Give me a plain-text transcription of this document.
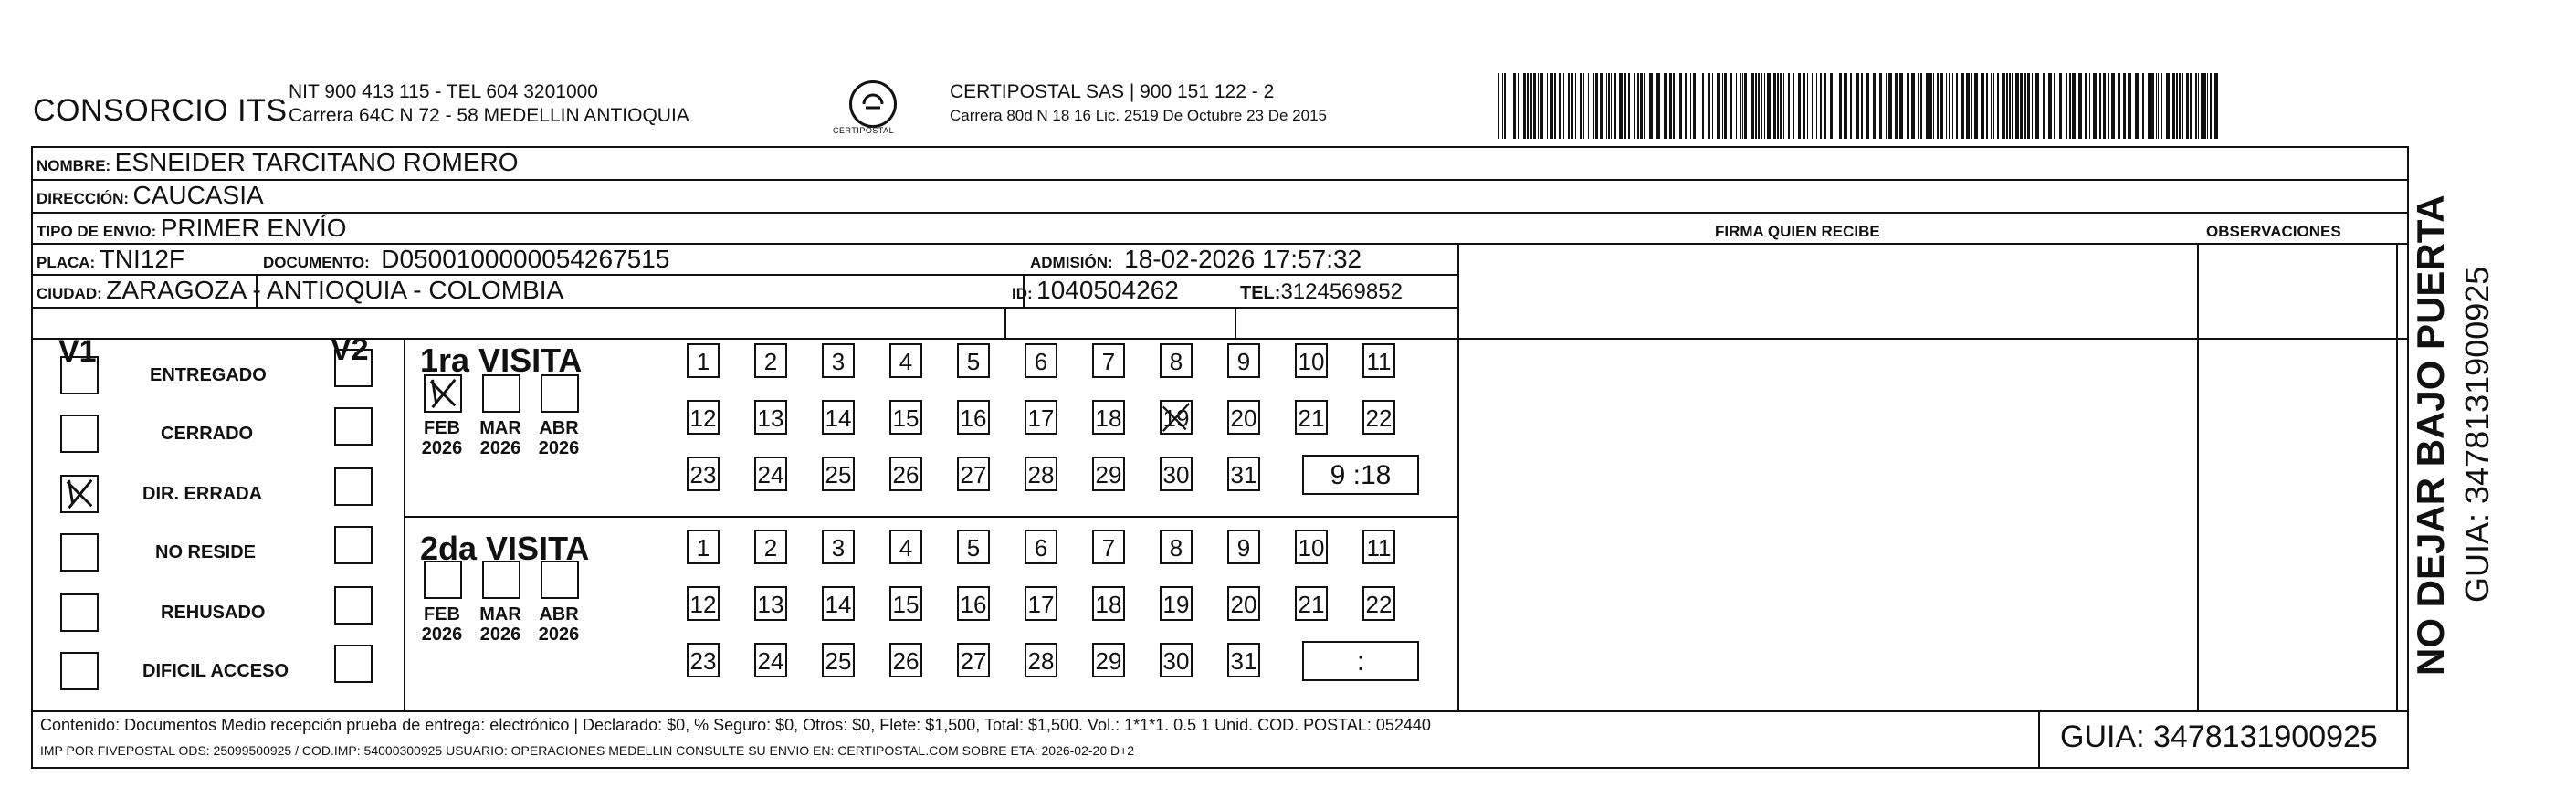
CONSORCIO ITS
NIT 900 413 115 - TEL 604 3201000
Carrera 64C N 72 - 58 MEDELLIN ANTIOQUIA
CERTIPOSTAL
CERTIPOSTAL SAS | 900 151 122 - 2
Carrera 80d N 18 16 Lic. 2519 De Octubre 23 De 2015
NOMBRE: ESNEIDER TARCITANO ROMERO
DIRECCIÓN: CAUCASIA
TIPO DE ENVIO: PRIMER ENVÍO	FIRMA QUIEN RECIBE	OBSERVACIONES
PLACA: TNI12F	DOCUMENTO: D0500100000054267515	ADMISIÓN: 18-02-2026 17:57:32
CIUDAD: ZARAGOZA - ANTIOQUIA - COLOMBIA	ID: 1040504262	TEL:3124569852
V1	V2
ENTREGADO
CERRADO
DIR. ERRADA
NO RESIDE
REHUSADO
DIFICIL ACCESO
1ra VISITA
2da VISITA
FEB
2026
MAR
2026
ABR
2026
1	2	3	4	5	6	7	8	9	10 11
12 13 14 15 16 17 18 19 20 21 22
23 24 25 26 27 28 29 30 31	9 :18
FEB
2026
MAR
2026
ABR
2026
1	2	3	4	5	6	7	8	9	10 11
12 13 14 15 16 17 18 19 20 21 22
23 24 25 26 27 28 29 30 31	:
Contenido: Documentos Medio recepción prueba de entrega: electrónico | Declarado: $0, % Seguro: $0, Otros: $0, Flete: $1,500, Total: $1,500. Vol.: 1*1*1. 0.5 1 Unid. COD. POSTAL: 052440
IMP POR FIVEPOSTAL ODS: 25099500925 / COD.IMP: 54000300925 USUARIO: OPERACIONES MEDELLIN CONSULTE SU ENVIO EN: CERTIPOSTAL.COM SOBRE ETA: 2026-02-20 D+2	GUIA: 3478131900925
NO DEJAR BAJO PUERTA GUIA: 3478131900925
